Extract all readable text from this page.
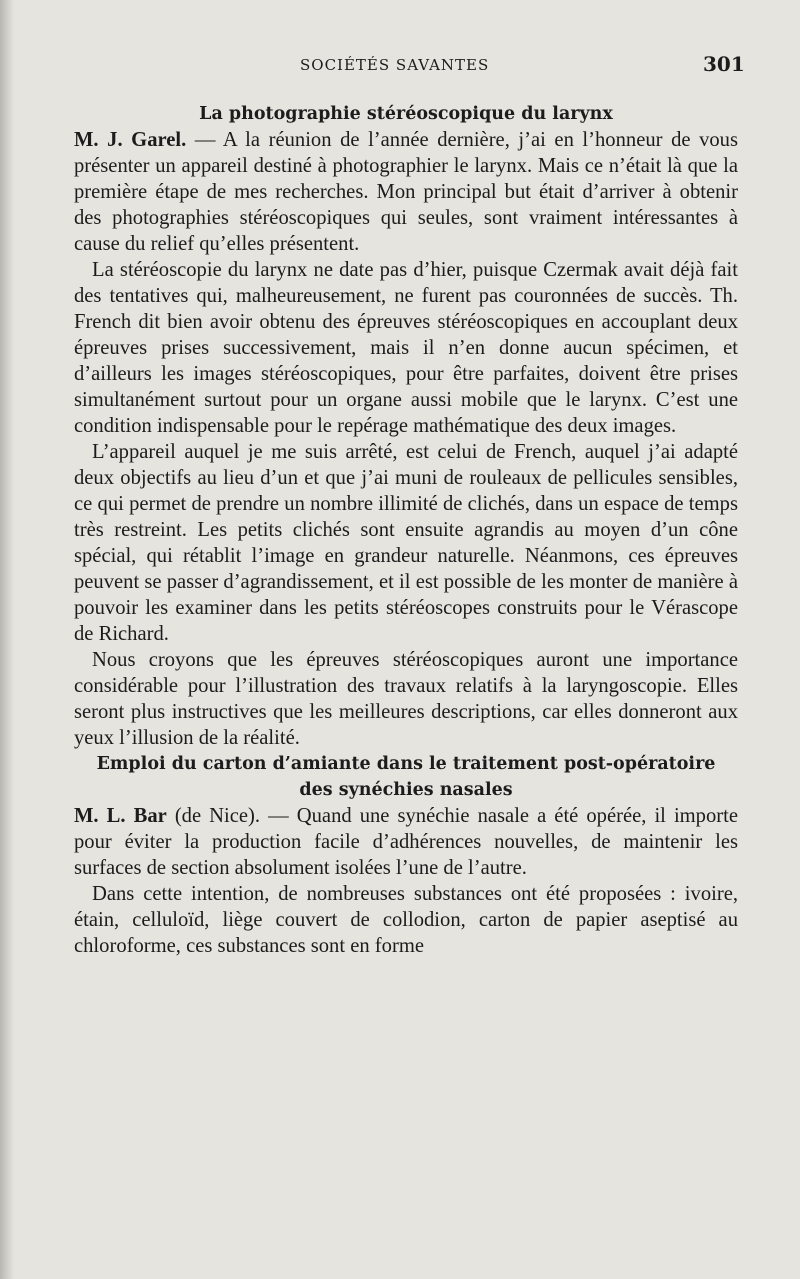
SOCIÉTÉS SAVANTES	301
La photographie stéréoscopique du larynx

M. J. Garel. — A la réunion de l’année dernière, j’ai en l’honneur de vous présenter un appareil destiné à photographier le larynx. Mais ce n’était là que la première étape de mes recherches. Mon principal but était d’arriver à obtenir des photographies stéréoscopiques qui seules, sont vraiment intéressantes à cause du relief qu’elles présentent.

La stéréoscopie du larynx ne date pas d’hier, puisque Czermak avait déjà fait des tentatives qui, malheureusement, ne furent pas couronnées de succès. Th. French dit bien avoir obtenu des épreuves stéréoscopiques en accouplant deux épreuves prises successivement, mais il n’en donne aucun spécimen, et d’ailleurs les images stéréoscopiques, pour être parfaites, doivent être prises simultanément surtout pour un organe aussi mobile que le larynx. C’est une condition indispensable pour le repérage mathématique des deux images.

L’appareil auquel je me suis arrêté, est celui de French, auquel j’ai adapté deux objectifs au lieu d’un et que j’ai muni de rouleaux de pellicules sensibles, ce qui permet de prendre un nombre illimité de clichés, dans un espace de temps très restreint. Les petits clichés sont ensuite agrandis au moyen d’un cône spécial, qui rétablit l’image en grandeur naturelle. Néanmons, ces épreuves peuvent se passer d’agrandissement, et il est possible de les monter de manière à pouvoir les examiner dans les petits stéréoscopes construits pour le Vérascope de Richard.

Nous croyons que les épreuves stéréoscopiques auront une importance considérable pour l’illustration des travaux relatifs à la laryngoscopie. Elles seront plus instructives que les meilleures descriptions, car elles donneront aux yeux l’illusion de la réalité.

Emploi du carton d’amiante dans le traitement post-opératoire
des synéchies nasales

M. L. Bar (de Nice). — Quand une synéchie nasale a été opérée, il importe pour éviter la production facile d’adhérences nouvelles, de maintenir les surfaces de section absolument isolées l’une de l’autre.

Dans cette intention, de nombreuses substances ont été proposées : ivoire, étain, celluloïd, liège couvert de collodion, carton de papier aseptisé au chloroforme, ces substances sont en forme
